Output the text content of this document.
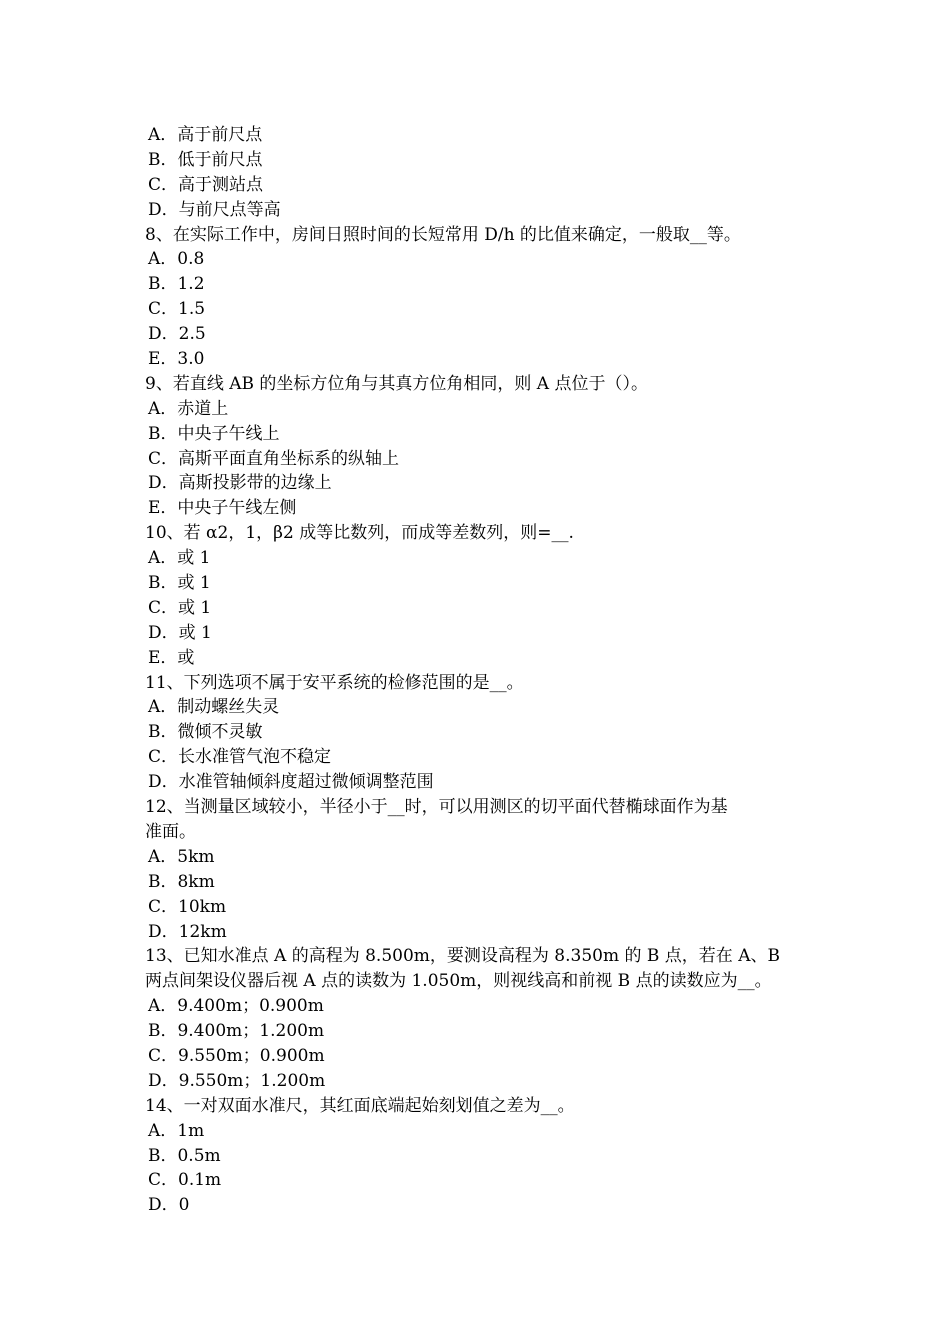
A．高于前尺点
B．低于前尺点
C．高于测站点
D．与前尺点等高
8、在实际工作中，房间日照时间的长短常用 D/h 的比值来确定，一般取__等。
A．0.8
B．1.2
C．1.5
D．2.5
E．3.0
9、若直线 AB 的坐标方位角与其真方位角相同，则 A 点位于（）。
A．赤道上
B．中央子午线上
C．高斯平面直角坐标系的纵轴上
D．高斯投影带的边缘上
E．中央子午线左侧
10、若 α2，1，β2 成等比数列，而成等差数列，则=__.
A．或 1
B．或 1
C．或 1
D．或 1
E．或
11、下列选项不属于安平系统的检修范围的是__。
A．制动螺丝失灵
B．微倾不灵敏
C．长水准管气泡不稳定
D．水准管轴倾斜度超过微倾调整范围
12、当测量区域较小，半径小于__时，可以用测区的切平面代替椭球面作为基
准面。
A．5km
B．8km
C．10km
D．12km
13、已知水准点 A 的高程为 8.500m，要测设高程为 8.350m 的 B 点，若在 A、B
两点间架设仪器后视 A 点的读数为 1.050m，则视线高和前视 B 点的读数应为__。
A．9.400m；0.900m
B．9.400m；1.200m
C．9.550m；0.900m
D．9.550m；1.200m
14、一对双面水准尺，其红面底端起始刻划值之差为__。
A．1m
B．0.5m
C．0.1m
D．0
